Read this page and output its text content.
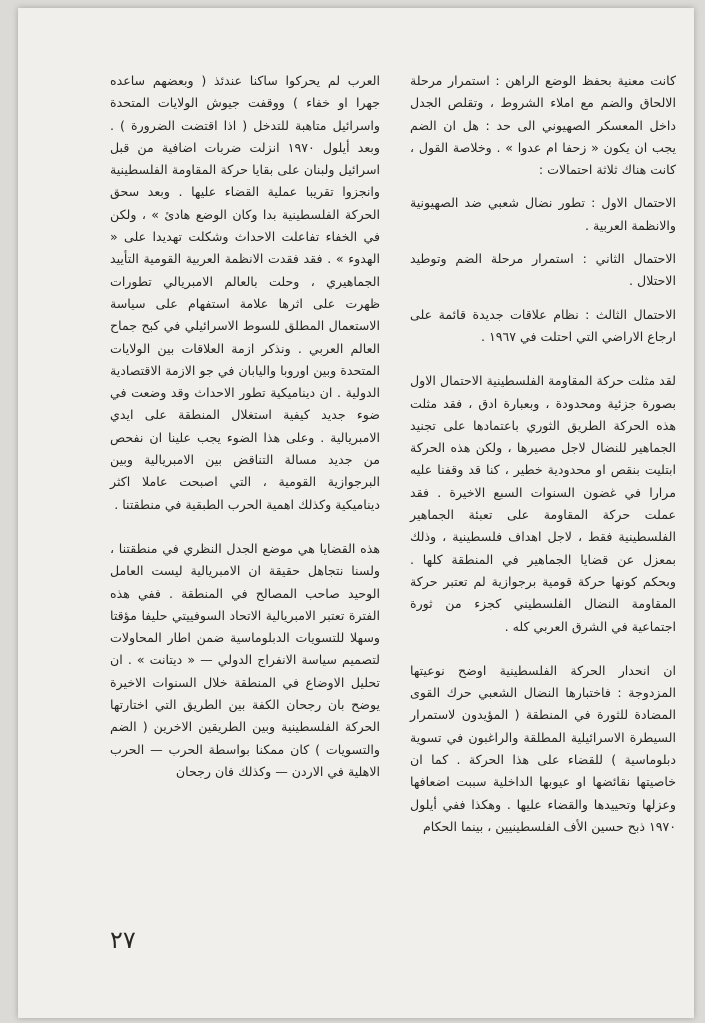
كانت معنية بحفظ الوضع الراهن : استمرار مرحلة الالحاق والضم مع املاء الشروط ، وتقلص الجدل داخل المعسكر الصهيوني الى حد : هل ان الضم يجب ان يكون « زحفا ام عدوا » . وخلاصة القول ، كانت هناك ثلاثة احتمالات :

الاحتمال الاول : تطور نضال شعبي ضد الصهيونية والانظمة العربية .

الاحتمال الثاني : استمرار مرحلة الضم وتوطيد الاحتلال .

الاحتمال الثالث : نظام علاقات جديدة قائمة على ارجاع الاراضي التي احتلت في ١٩٦٧ .

لقد مثلت حركة المقاومة الفلسطينية الاحتمال الاول بصورة جزئية ومحدودة ، وبعبارة ادق ، فقد مثلت هذه الحركة الطريق الثوري باعتمادها على تجنيد الجماهير للنضال لاجل مصيرها ، ولكن هذه الحركة ابتليت بنقص او محدودية خطير ، كنا قد وقفنا عليه مرارا في غضون السنوات السبع الاخيرة . فقد عملت حركة المقاومة على تعبئة الجماهير الفلسطينية فقط ، لاجل اهداف فلسطينية ، وذلك بمعزل عن قضايا الجماهير في المنطقة كلها . وبحكم كونها حركة قومية برجوازية لم تعتبر حركة المقاومة النضال الفلسطيني كجزء من ثورة اجتماعية في الشرق العربي كله .

ان انحدار الحركة الفلسطينية اوضح نوعيتها المزدوجة : فاختبارها النضال الشعبي حرك القوى المضادة للثورة في المنطقة ( المؤيدون لاستمرار السيطرة الاسرائيلية المطلقة والراغبون في تسوية دبلوماسية ) للقضاء على هذا الحركة . كما ان خاصيتها نقائضها او عيوبها الداخلية سببت اضعافها وعزلها وتحييدها والقضاء عليها . وهكذا ففي أيلول ١٩٧٠ ذبح حسين الأف الفلسطينيين ، بينما الحكام

العرب لم يحركوا ساكنا عندئذ ( وبعضهم ساعده جهرا او خفاء ) ووقفت جيوش الولايات المتحدة واسرائيل متاهبة للتدخل ( اذا اقتضت الضرورة ) . وبعد أيلول ١٩٧٠ انزلت ضربات اضافية من قبل اسرائيل ولبنان على بقايا حركة المقاومة الفلسطينية وانجزوا تقريبا عملية القضاء عليها . وبعد سحق الحركة الفلسطينية بدا وكان الوضع هادئ » ، ولكن في الخفاء تفاعلت الاحداث وشكلت تهديدا على « الهدوء » . فقد فقدت الانظمة العربية القومية التأييد الجماهيري ، وحلت بالعالم الامبريالي تطورات ظهرت على اثرها علامة استفهام على سياسة الاستعمال المطلق للسوط الاسرائيلي في كبح جماح العالم العربي . ونذكر ازمة العلاقات بين الولايات المتحدة وبين اوروبا واليابان في جو الازمة الاقتصادية الدولية . ان ديناميكية تطور الاحداث وقد وضعت في ضوء جديد كيفية استغلال المنطقة على ايدي الامبريالية . وعلى هذا الضوء يجب علينا ان نفحص من جديد مسالة التناقض بين الامبريالية وبين البرجوازية القومية ، التي اصبحت عاملا اكثر ديناميكية وكذلك اهمية الحرب الطبقية في منطقتنا .

هذه القضايا هي موضع الجدل النظري في منطقتنا ، ولسنا نتجاهل حقيقة ان الامبريالية ليست العامل الوحيد صاحب المصالح في المنطقة . ففي هذه الفترة تعتبر الامبريالية الاتحاد السوفييتي حليفا مؤقتا وسهلا للتسويات الدبلوماسية ضمن اطار المحاولات لتصميم سياسة الانفراج الدولي — « ديتانت » . ان تحليل الاوضاع في المنطقة خلال السنوات الاخيرة يوضح بان رجحان الكفة بين الطريق التي اختارتها الحركة الفلسطينية وبين الطريقين الاخرين ( الضم والتسويات ) كان ممكنا بواسطة الحرب — الحرب الاهلية في الاردن — وكذلك فان رجحان

٢٧
